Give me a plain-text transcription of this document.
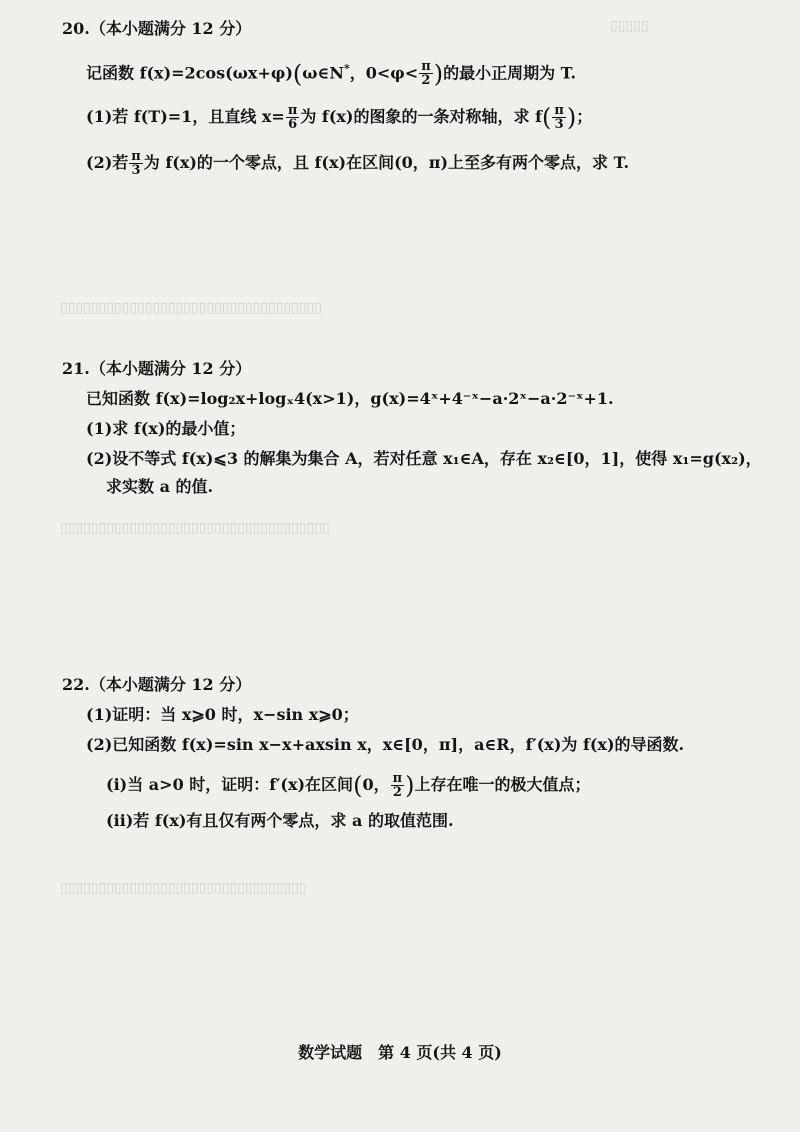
▯▯▯▯▯
▯▯▯▯▯▯▯▯▯▯▯▯▯▯▯▯▯▯▯▯▯▯▯▯▯▯▯▯▯▯▯▯▯▯
▯▯▯▯▯▯▯▯▯▯▯▯▯▯▯▯▯▯▯▯▯▯▯▯▯▯▯▯▯▯▯▯▯▯▯
▯▯▯▯▯▯▯▯▯▯▯▯▯▯▯▯▯▯▯▯▯▯▯▯▯▯▯▯▯▯▯▯
20.（本小题满分 12 分）
记函数 f(x)=2cos(ωx+φ)(ω∈N*，$0<\varphi< \frac{\pi}{2}$ )的最小正周期为 T.
(1)若 f(T)=1，且直线 $x= \frac{\pi}{6}$ 为 f(x)的图象的一条对称轴，求 $f( \frac{\pi}{3}$ )；
(2)若 $\frac{\pi}{3}$ 为 f(x)的一个零点，且 f(x)在区间(0，π)上至多有两个零点，求 T.
21.（本小题满分 12 分）
已知函数 f(x)=log₂x+logₓ4(x>1)，g(x)=4ˣ+4⁻ˣ−a·2ˣ−a·2⁻ˣ+1.
(1)求 f(x)的最小值；
(2)设不等式 f(x)⩽3 的解集为集合 A，若对任意 x₁∈A，存在 x₂∈[0，1]，使得 x₁=g(x₂)，
求实数 a 的值.
22.（本小题满分 12 分）
(1)证明：当 x⩾0 时，x−sin x⩾0；
(2)已知函数 f(x)=sin x−x+axsin x，x∈[0，π]，a∈R，f′(x)为 f(x)的导函数.
(ⅰ)当 a>0 时，证明：f′(x)在区间(0， $\frac{\pi}{2}$ )上存在唯一的极大值点；
(ⅱ)若 f(x)有且仅有两个零点，求 a 的取值范围.
数学试题　第 4 页(共 4 页)
